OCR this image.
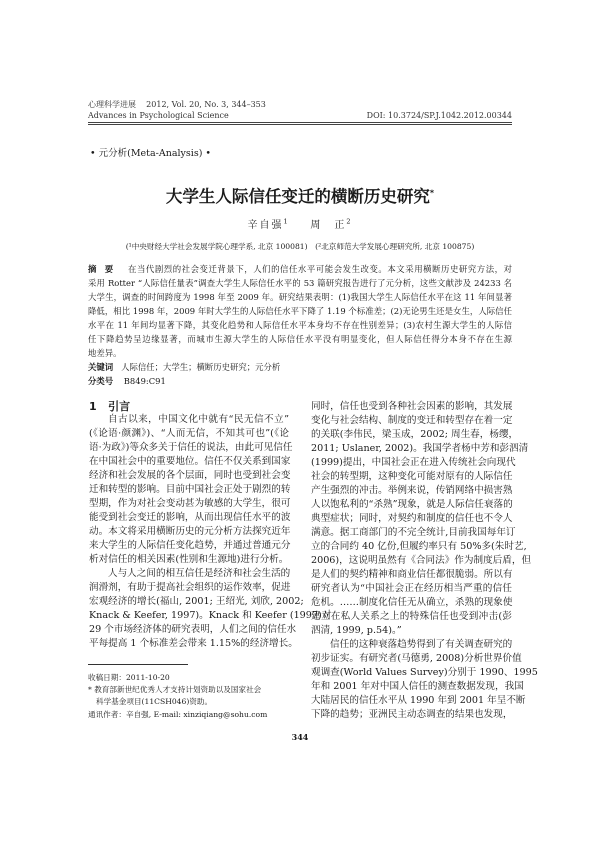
心理科学进展 2012, Vol. 20, No. 3, 344–353
Advances in Psychological Science	DOI: 10.3724/SP.J.1042.2012.00344
• 元分析(Meta-Analysis) •
大学生人际信任变迁的横断历史研究*
辛自强$^1$ 周　正$^2$
(¹中央财经大学社会发展学院心理学系, 北京 100081)　(²北京师范大学发展心理研究所, 北京 100875)
摘　要 在当代剧烈的社会变迁背景下，人们的信任水平可能会发生改变。本文采用横断历史研究方法，对
采用 Rotter “人际信任量表”调查大学生人际信任水平的 53 篇研究报告进行了元分析，这些文献涉及 24233 名
大学生，调查的时间跨度为 1998 年至 2009 年。研究结果表明：(1)我国大学生人际信任水平在这 11 年间显著
降低，相比 1998 年，2009 年时大学生的人际信任水平下降了 1.19 个标准差；(2)无论男生还是女生，人际信任
水平在 11 年间均显著下降，其变化趋势和人际信任水平本身均不存在性别差异；(3)农村生源大学生的人际信
任下降趋势呈边缘显著，而城市生源大学生的人际信任水平没有明显变化，但人际信任得分本身不存在生源
地差异。
关键词 人际信任；大学生；横断历史研究；元分析
分类号 B849:C91
1 引言
自古以来，中国文化中就有“民无信不立”
(《论语·颜渊》)、“人而无信，不知其可也”(《论
语·为政》)等众多关于信任的说法，由此可见信任
在中国社会中的重要地位。信任不仅关系到国家
经济和社会发展的各个层面，同时也受到社会变
迁和转型的影响。目前中国社会正处于剧烈的转
型期，作为对社会变动甚为敏感的大学生，很可
能受到社会变迁的影响，从而出现信任水平的波
动。本文将采用横断历史的元分析方法探究近年
来大学生的人际信任变化趋势，并通过普通元分
析对信任的相关因素(性别和生源地)进行分析。
人与人之间的相互信任是经济和社会生活的
润滑剂，有助于提高社会组织的运作效率，促进
宏观经济的增长(福山, 2001; 王绍光, 刘欣, 2002;
Knack & Keefer, 1997)。Knack 和 Keefer (1997)对
29 个市场经济体的研究表明，人们之间的信任水
平每提高 1 个标准差会带来 1.15%的经济增长。
同时，信任也受到各种社会因素的影响，其发展
变化与社会结构、制度的变迁和转型存在着一定
的关联(李伟民，梁玉成，2002; 周生春，杨缨，
2011; Uslaner, 2002)。我国学者杨中芳和彭泗清
(1999)提出，中国社会正在进入传统社会向现代
社会的转型期，这种变化可能对原有的人际信任
产生强烈的冲击。举例来说，传销网络中损害熟
人以饱私利的“杀熟”现象，就是人际信任衰落的
典型症状；同时，对契约和制度的信任也不令人
满意。据工商部门的不完全统计,目前我国每年订
立的合同约 40 亿份,但履约率只有 50%多(朱时艺,
2006)，这说明虽然有《合同法》作为制度后盾，但
是人们的契约精神和商业信任都很脆弱。所以有
研究者认为“中国社会正在经历相当严重的信任
危机。……制度化信任无从确立，杀熟的现象使
建立在私人关系之上的特殊信任也受到冲击(彭
泗清, 1999, p.54)。”
信任的这种衰落趋势得到了有关调查研究的
初步证实。有研究者(马德勇, 2008)分析世界价值
观调查(World Values Survey)分别于 1990、1995
年和 2001 年对中国人信任的测查数据发现，我国
大陆居民的信任水平从 1990 年到 2001 年呈不断
下降的趋势；亚洲民主动态调查的结果也发现，
收稿日期：2011-10-20
* 教育部新世纪优秀人才支持计划资助以及国家社会
科学基金项目(11CSH046)资助。
通讯作者：辛自强, E-mail: xinziqiang@sohu.com
344
